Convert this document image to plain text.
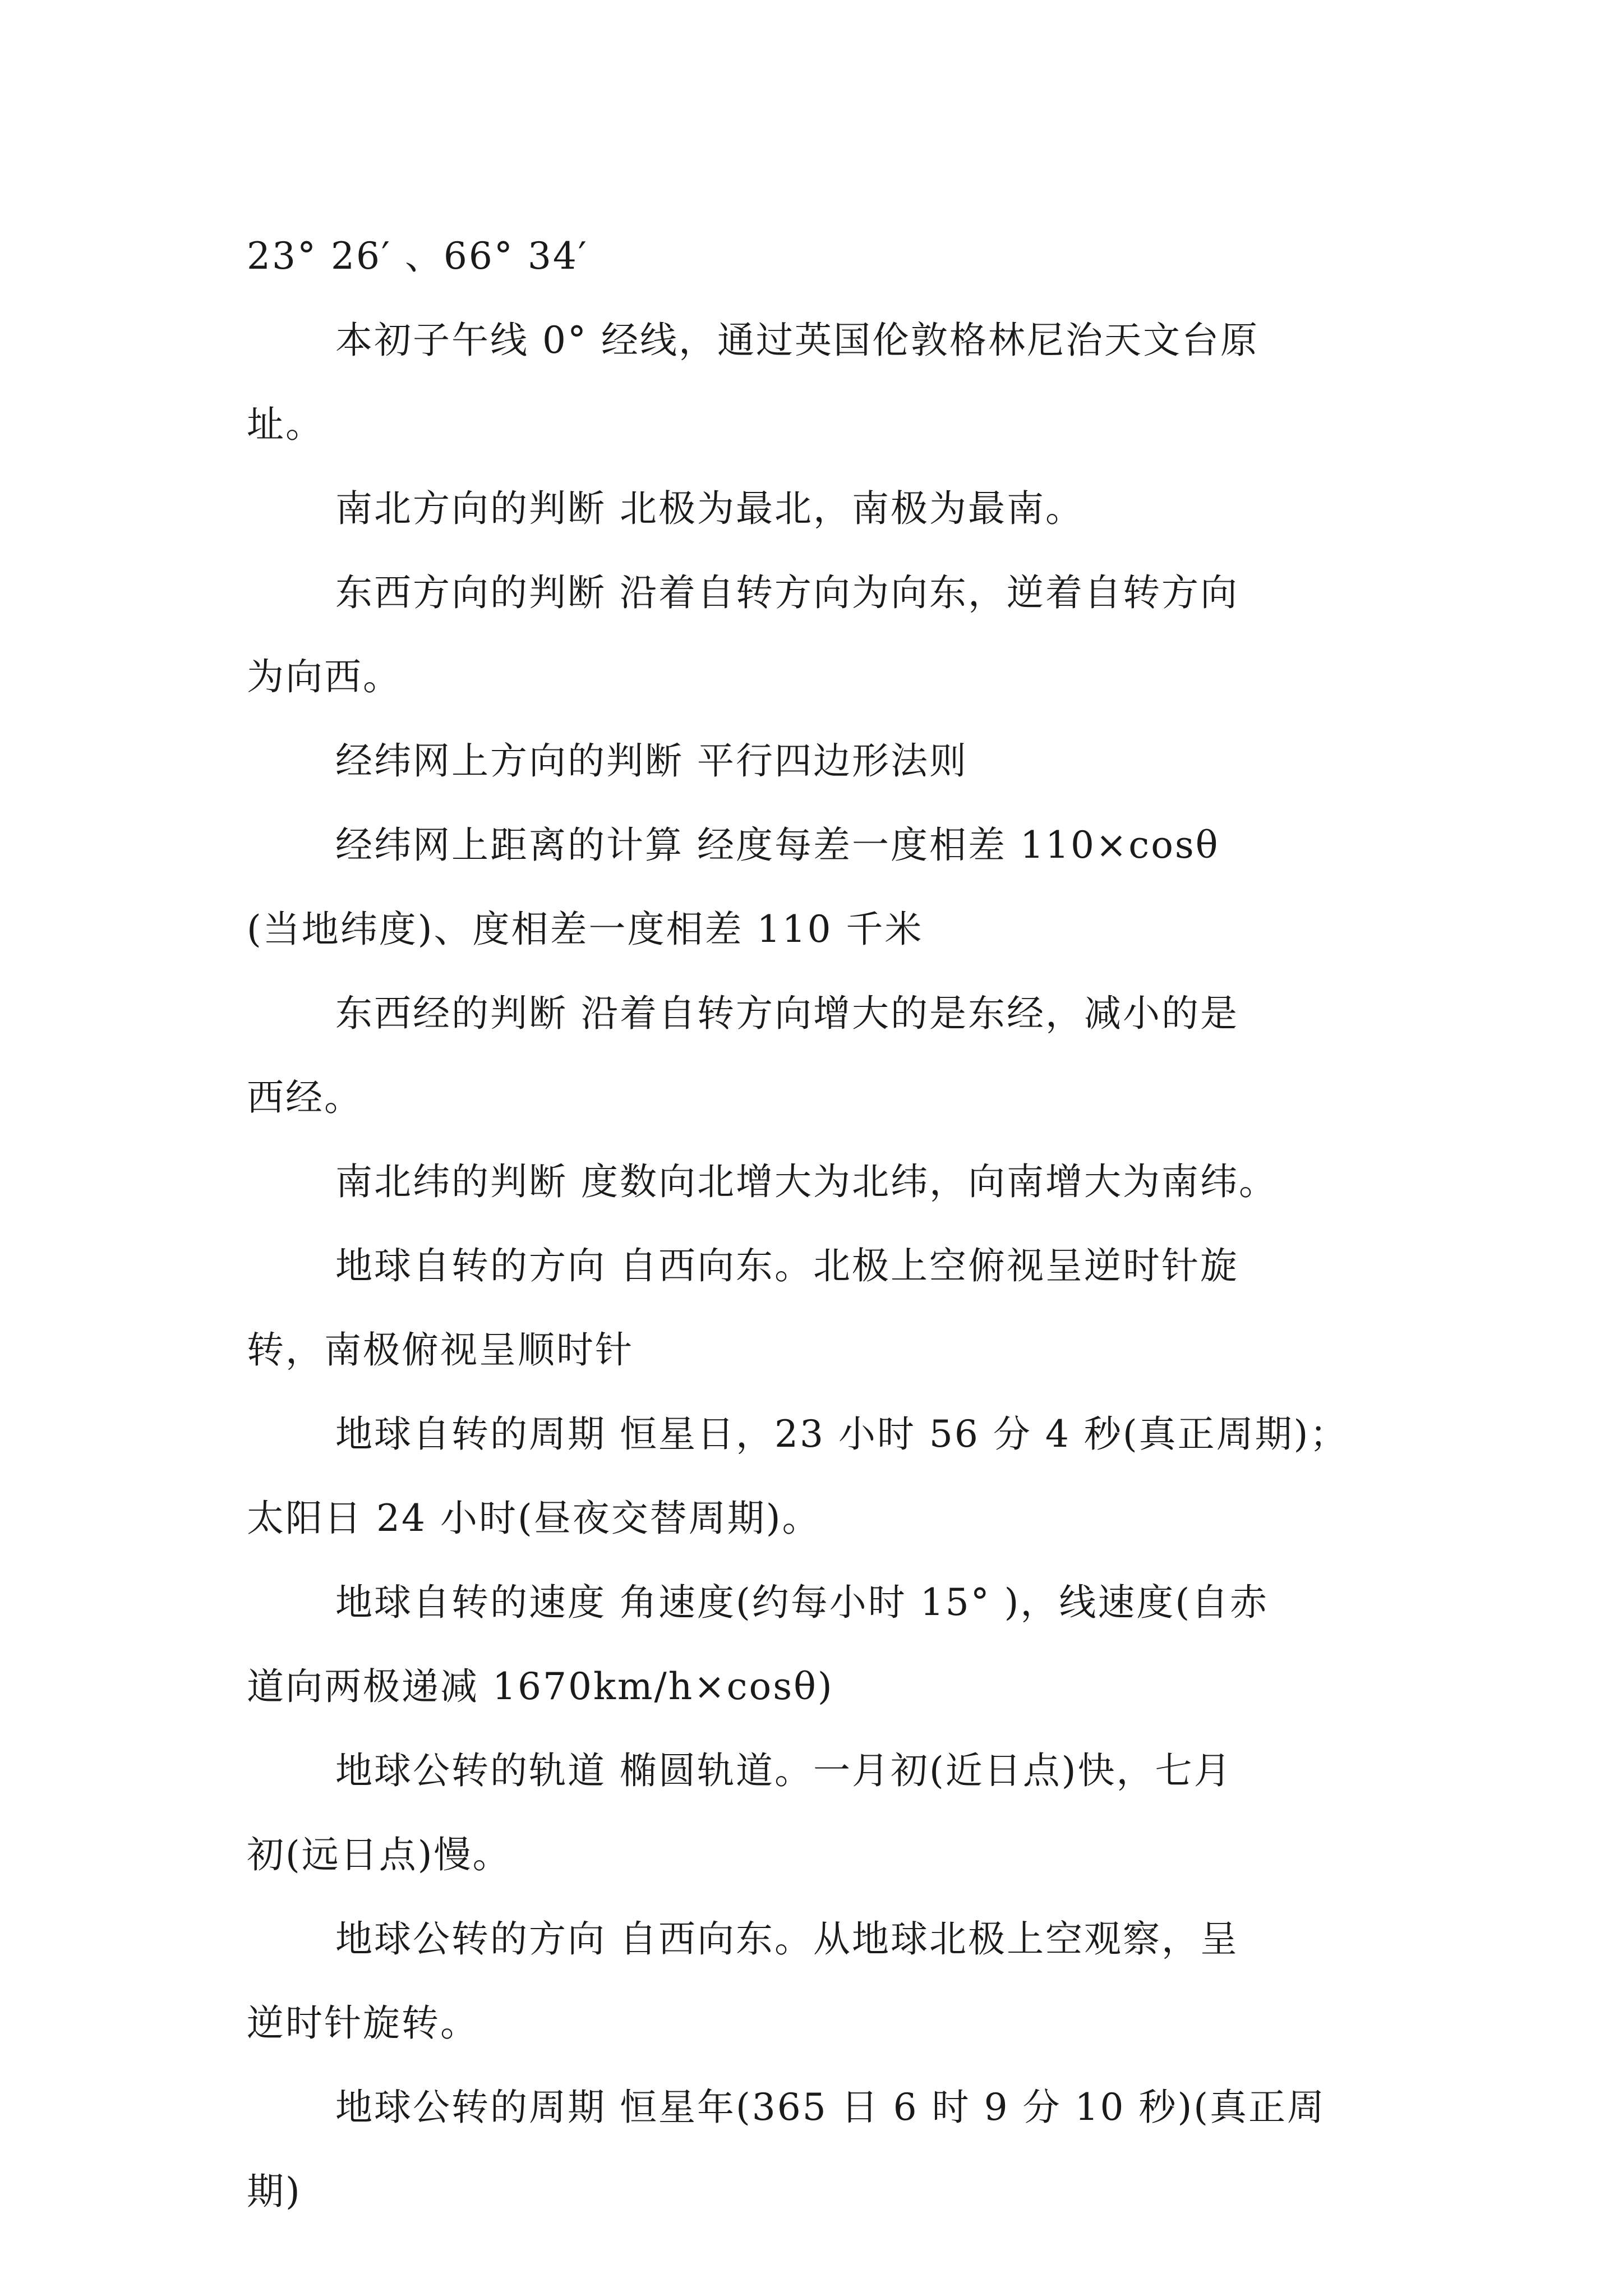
23° 26′ 、66° 34′
本初子午线 0° 经线，通过英国伦敦格林尼治天文台原
址。
南北方向的判断 北极为最北，南极为最南。
东西方向的判断 沿着自转方向为向东，逆着自转方向
为向西。
经纬网上方向的判断 平行四边形法则
经纬网上距离的计算 经度每差一度相差 110×cosθ
(当地纬度)、度相差一度相差 110 千米
东西经的判断 沿着自转方向增大的是东经，减小的是
西经。
南北纬的判断 度数向北增大为北纬，向南增大为南纬。
地球自转的方向 自西向东。北极上空俯视呈逆时针旋
转，南极俯视呈顺时针
地球自转的周期 恒星日，23 小时 56 分 4 秒(真正周期)；
太阳日 24 小时(昼夜交替周期)。
地球自转的速度 角速度(约每小时 15° )，线速度(自赤
道向两极递减 1670km/h×cosθ)
地球公转的轨道 椭圆轨道。一月初(近日点)快，七月
初(远日点)慢。
地球公转的方向 自西向东。从地球北极上空观察，呈
逆时针旋转。
地球公转的周期 恒星年(365 日 6 时 9 分 10 秒)(真正周
期)
